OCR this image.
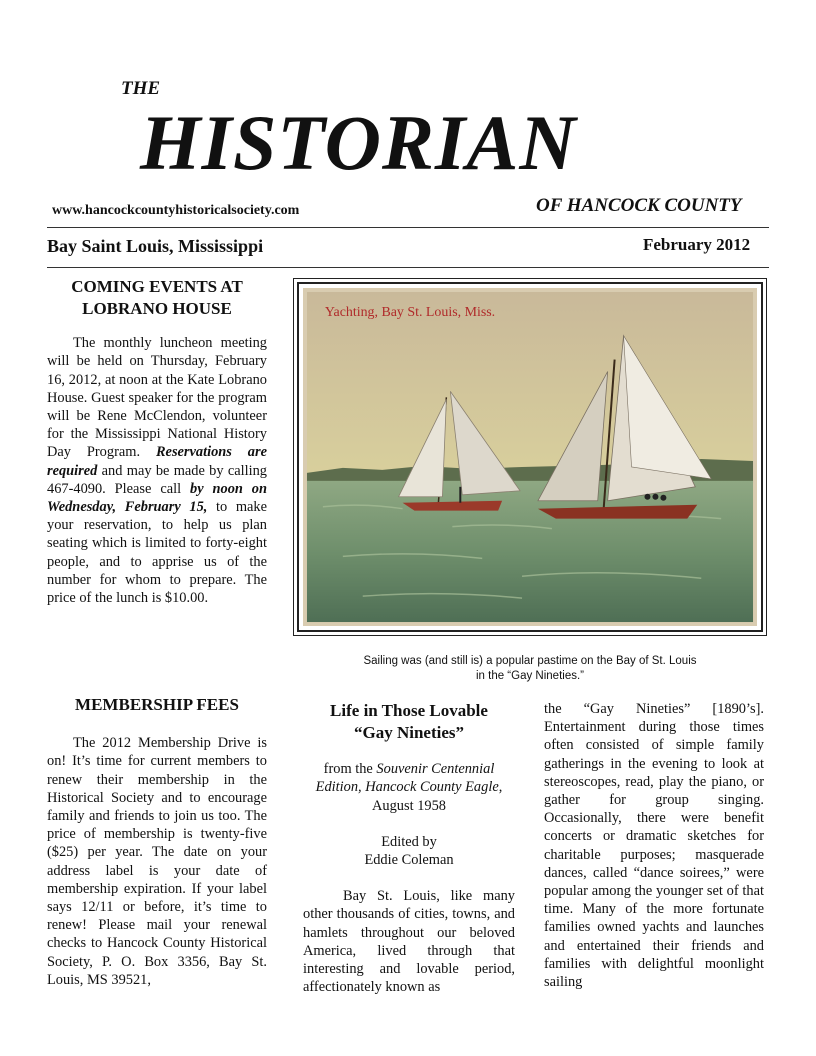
THE
HISTORIAN
www.hancockcountyhistoricalsociety.com	OF HANCOCK COUNTY
Bay Saint Louis, Mississippi	February 2012
COMING EVENTS AT
LOBRANO HOUSE

The monthly luncheon meeting will be held on Thursday, February 16, 2012, at noon at the Kate Lobrano House. Guest speaker for the program will be Rene McClendon, volunteer for the Mississippi National History Day Program. Reservations are required and may be made by calling 467-4090. Please call by noon on Wednesday, February 15, to make your reservation, to help us plan seating which is limited to forty-eight people, and to apprise us of the number for whom to prepare. The price of the lunch is $10.00.

Yachting, Bay St. Louis, Miss.
Sailing was (and still is) a popular pastime on the Bay of St. Louis
in the “Gay Nineties.”
MEMBERSHIP FEES

The 2012 Membership Drive is on! It’s time for current members to renew their membership in the Historical Society and to encourage family and friends to join us too. The price of membership is twenty-five ($25) per year. The date on your address label is your date of membership expiration. If your label says 12/11 or before, it’s time to renew! Please mail your renewal checks to Hancock County Historical Society, P. O. Box 3356, Bay St. Louis, MS 39521,

Life in Those Lovable
“Gay Nineties”

from the Souvenir Centennial Edition, Hancock County Eagle, August 1958

Edited by

Eddie Coleman

Bay St. Louis, like many other thousands of cities, towns, and hamlets throughout our beloved America, lived through that interesting and lovable period, affectionately known as

the “Gay Nineties” [1890’s]. Entertainment during those times often consisted of simple family gatherings in the evening to look at stereoscopes, read, play the piano, or gather for group singing. Occasionally, there were benefit concerts or dramatic sketches for charitable purposes; masquerade dances, called “dance soirees,” were popular among the younger set of that time. Many of the more fortunate families owned yachts and launches and entertained their friends and families with delightful moonlight sailing
